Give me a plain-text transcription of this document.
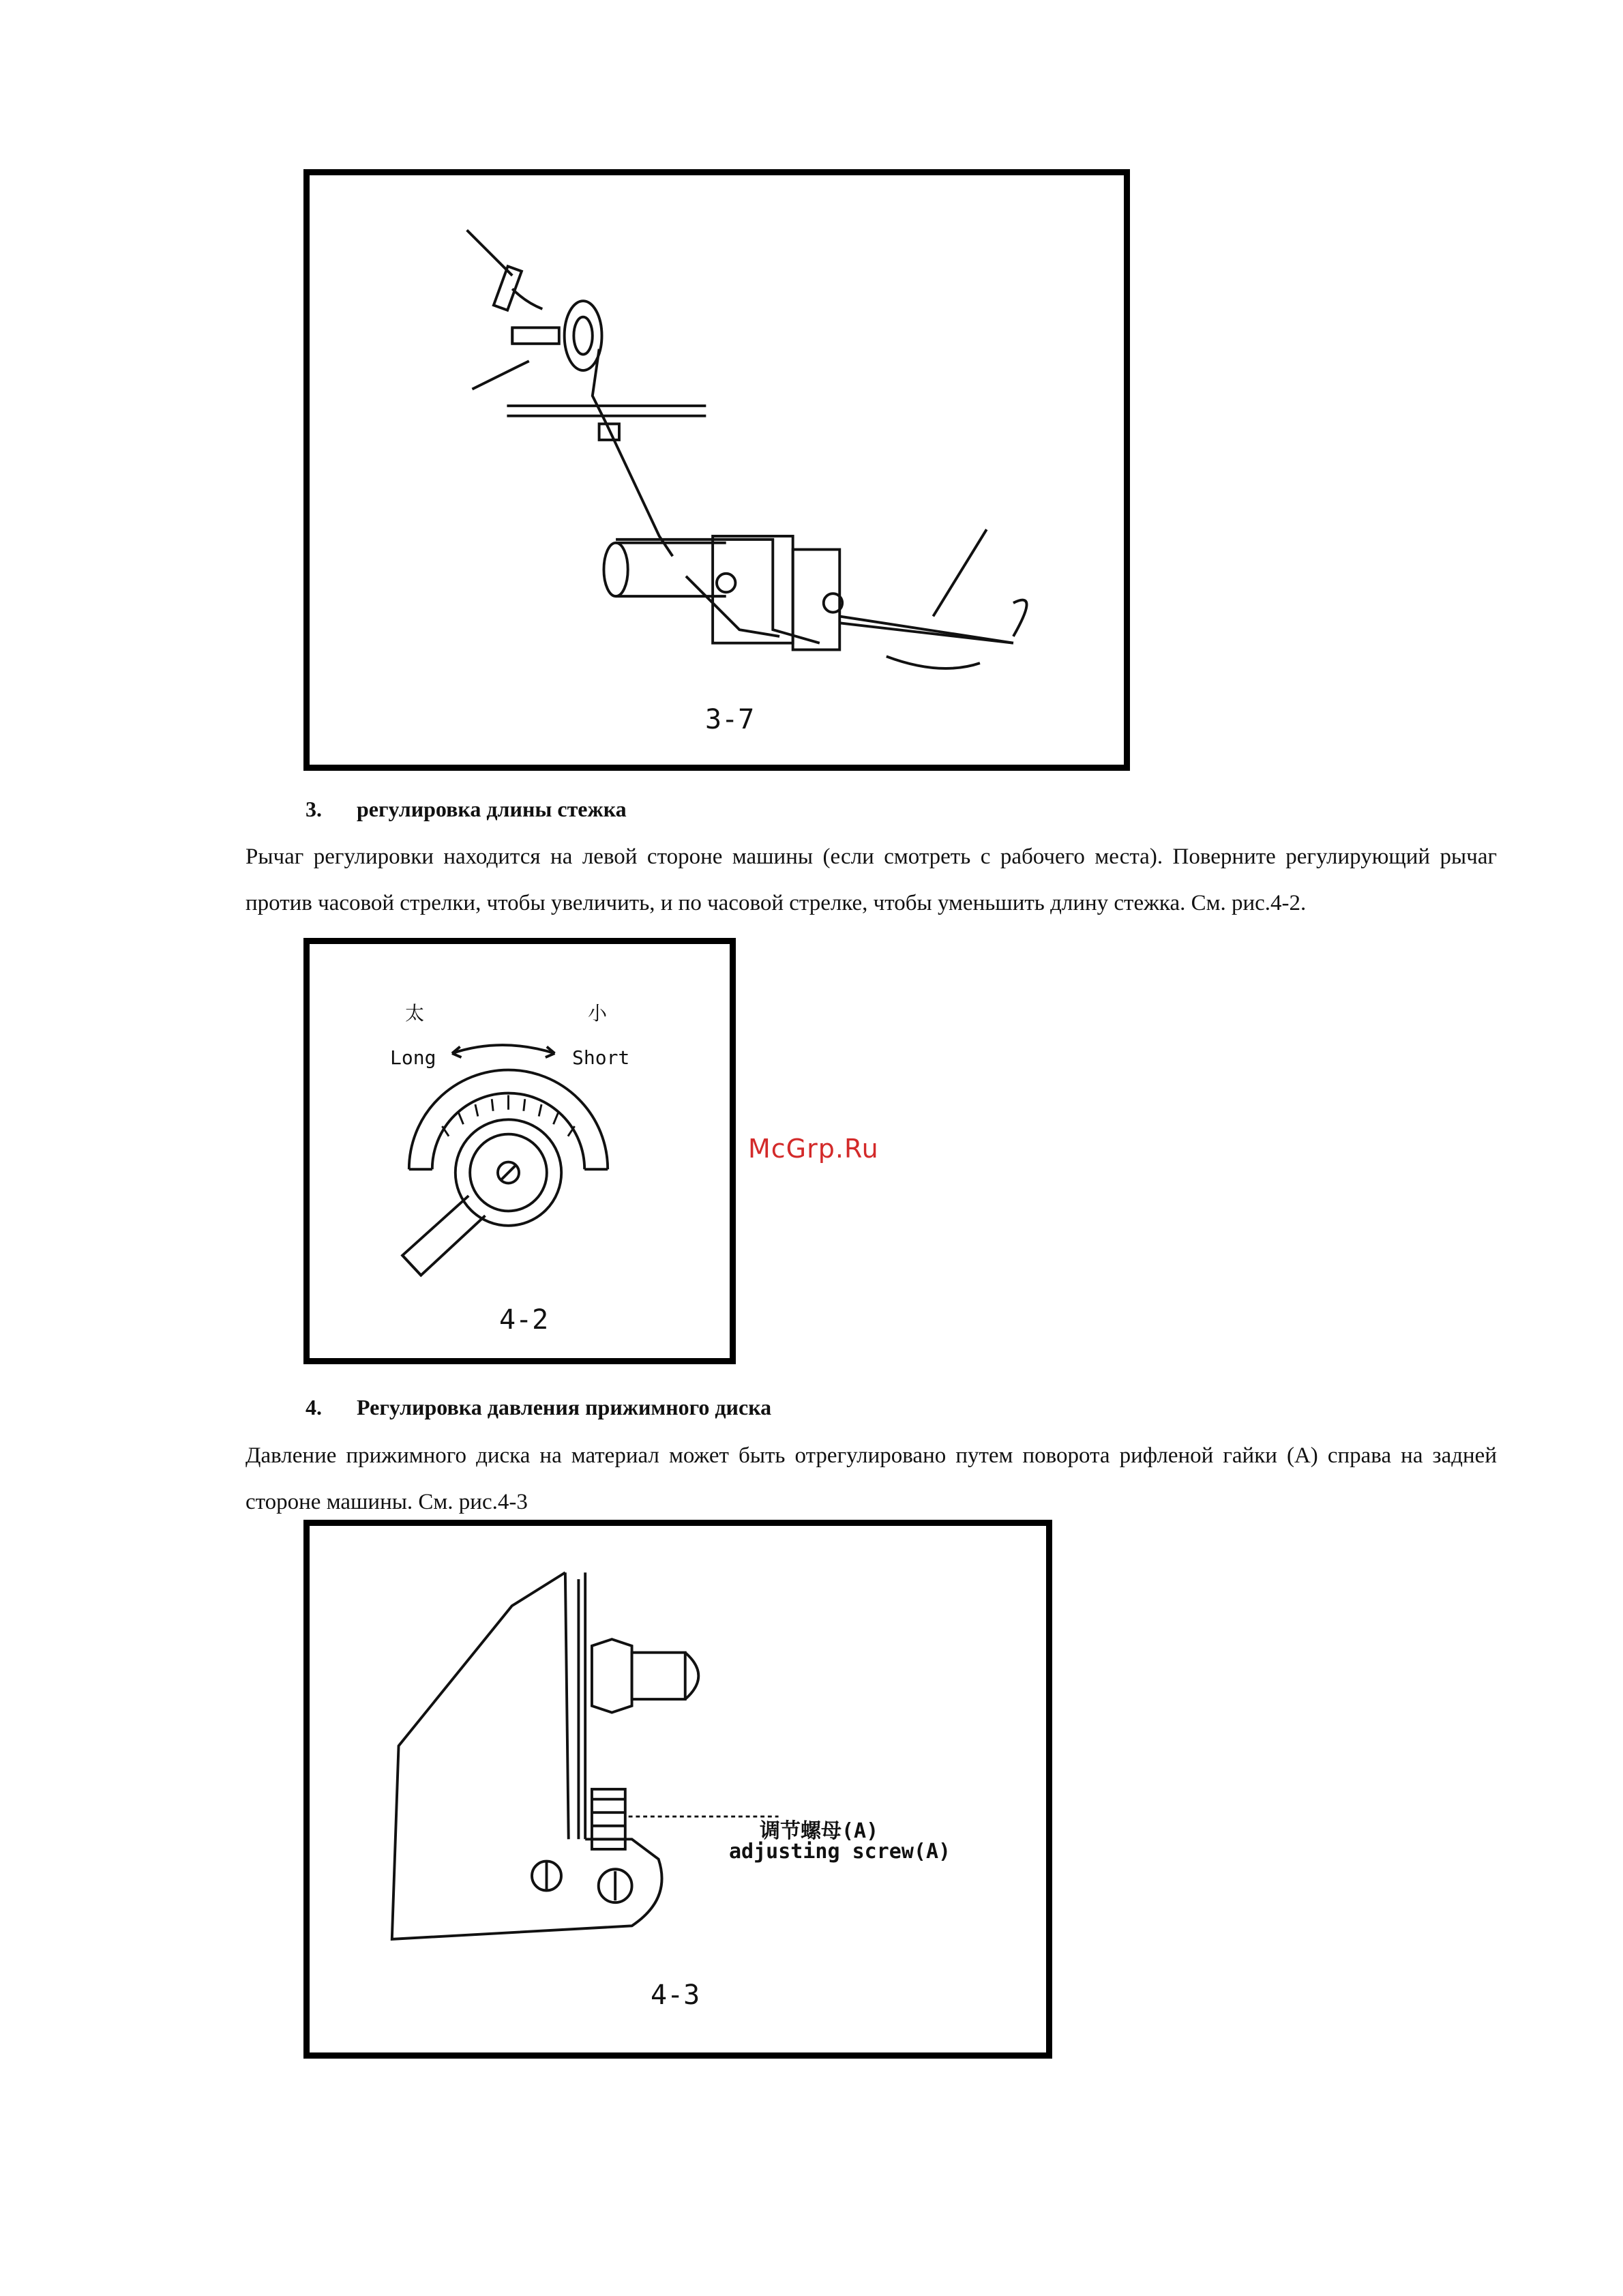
3-7
3. регулировка длины стежка
Рычаг регулировки находится на левой стороне машины (если смотреть с рабочего места). Поверните регулирующий рычаг против часовой стрелки, чтобы увеличить, и по часовой стрелке, чтобы уменьшить длину стежка. См. рис.4-2.
太	小
Long	Short
4-2
McGrp.Ru
4. Регулировка давления прижимного диска
Давление прижимного диска на материал может быть отрегулировано путем поворота рифленой гайки (А) справа на задней стороне машины. См. рис.4-3
调节螺母(A)
adjusting screw(A)
4-3
